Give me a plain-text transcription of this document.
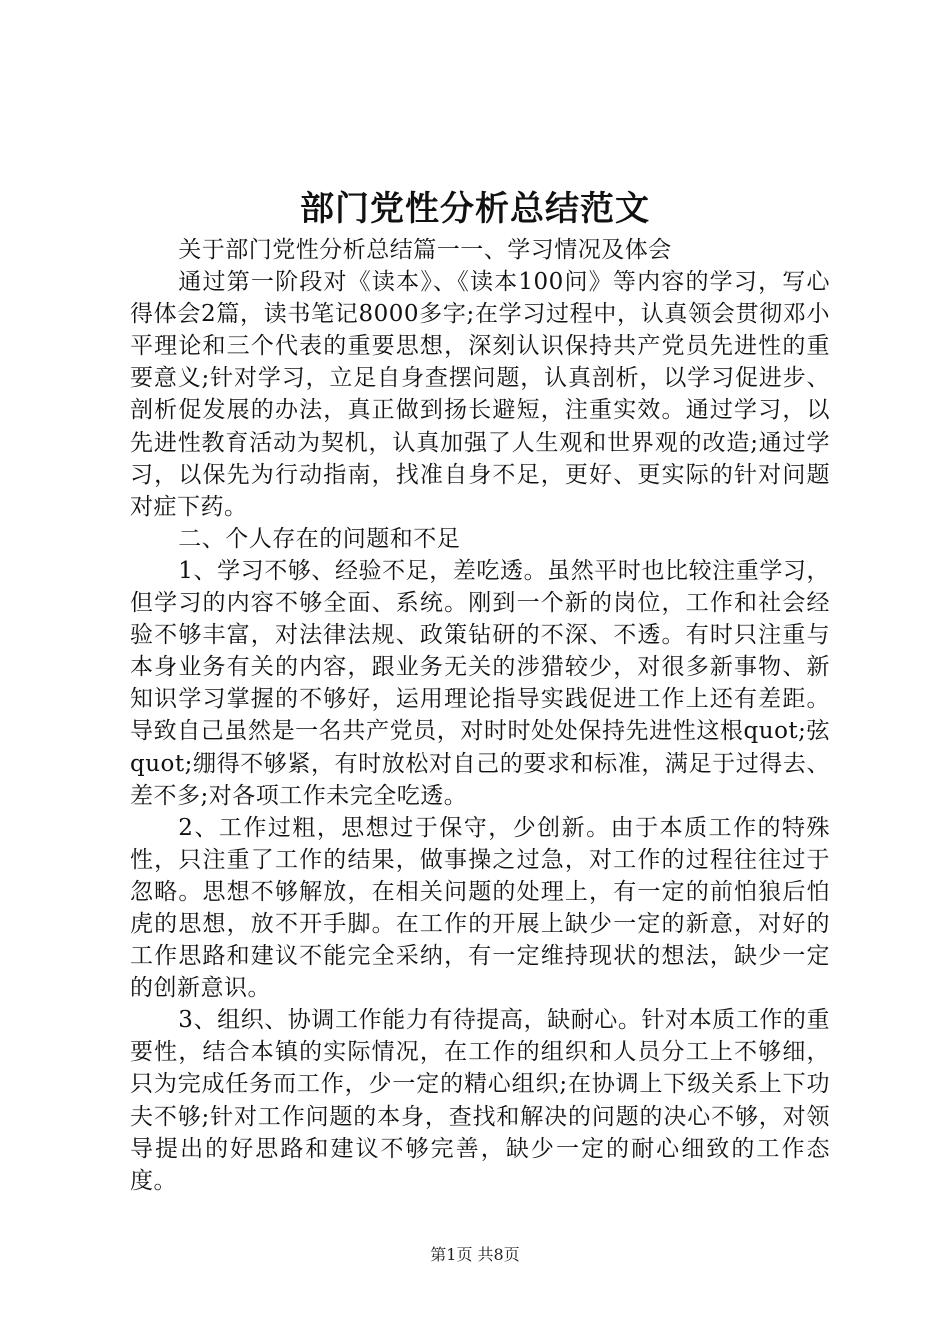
部门党性分析总结范文

关于部门党性分析总结篇一一、学习情况及体会

通过第一阶段对《读本》、《读本100问》等内容的学习，写心得体会2篇，读书笔记8000多字;在学习过程中，认真领会贯彻邓小平理论和三个代表的重要思想，深刻认识保持共产党员先进性的重要意义;针对学习，立足自身查摆问题，认真剖析，以学习促进步、剖析促发展的办法，真正做到扬长避短，注重实效。通过学习，以先进性教育活动为契机，认真加强了人生观和世界观的改造;通过学习，以保先为行动指南，找准自身不足，更好、更实际的针对问题对症下药。

二、个人存在的问题和不足

1、学习不够、经验不足，差吃透。虽然平时也比较注重学习，但学习的内容不够全面、系统。刚到一个新的岗位，工作和社会经验不够丰富，对法律法规、政策钻研的不深、不透。有时只注重与本身业务有关的内容，跟业务无关的涉猎较少，对很多新事物、新知识学习掌握的不够好，运用理论指导实践促进工作上还有差距。导致自己虽然是一名共产党员，对时时处处保持先进性这根quot;弦quot;绷得不够紧，有时放松对自己的要求和标准，满足于过得去、差不多;对各项工作未完全吃透。

2、工作过粗，思想过于保守，少创新。由于本质工作的特殊性，只注重了工作的结果，做事操之过急，对工作的过程往往过于忽略。思想不够解放，在相关问题的处理上，有一定的前怕狼后怕虎的思想，放不开手脚。在工作的开展上缺少一定的新意，对好的工作思路和建议不能完全采纳，有一定维持现状的想法，缺少一定的创新意识。

3、组织、协调工作能力有待提高，缺耐心。针对本质工作的重要性，结合本镇的实际情况，在工作的组织和人员分工上不够细，只为完成任务而工作，少一定的精心组织;在协调上下级关系上下功夫不够;针对工作问题的本身，查找和解决的问题的决心不够，对领导提出的好思路和建议不够完善，缺少一定的耐心细致的工作态度。

第1页 共8页
